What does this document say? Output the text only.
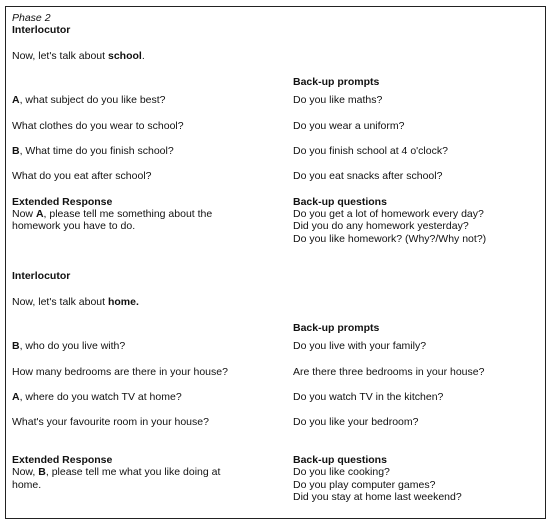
Phase 2
Interlocutor
Now, let's talk about school.
Back-up prompts
A, what subject do you like best?	Do you like maths?
What clothes do you wear to school?	Do you wear a uniform?
B, What time do you finish school?	Do you finish school at 4 o'clock?
What do you eat after school?	Do you eat snacks after school?
Extended Response
Now A, please tell me something about the
homework you have to do.
Back-up questions
Do you get a lot of homework every day?
Did you do any homework yesterday?
Do you like homework? (Why?/Why not?)
Interlocutor
Now, let's talk about home.
Back-up prompts
B, who do you live with?	Do you live with your family?
How many bedrooms are there in your house?	Are there three bedrooms in your house?
A, where do you watch TV at home?	Do you watch TV in the kitchen?
What's your favourite room in your house?	Do you like your bedroom?
Extended Response
Now, B, please tell me what you like doing at
home.
Back-up questions
Do you like cooking?
Do you play computer games?
Did you stay at home last weekend?
